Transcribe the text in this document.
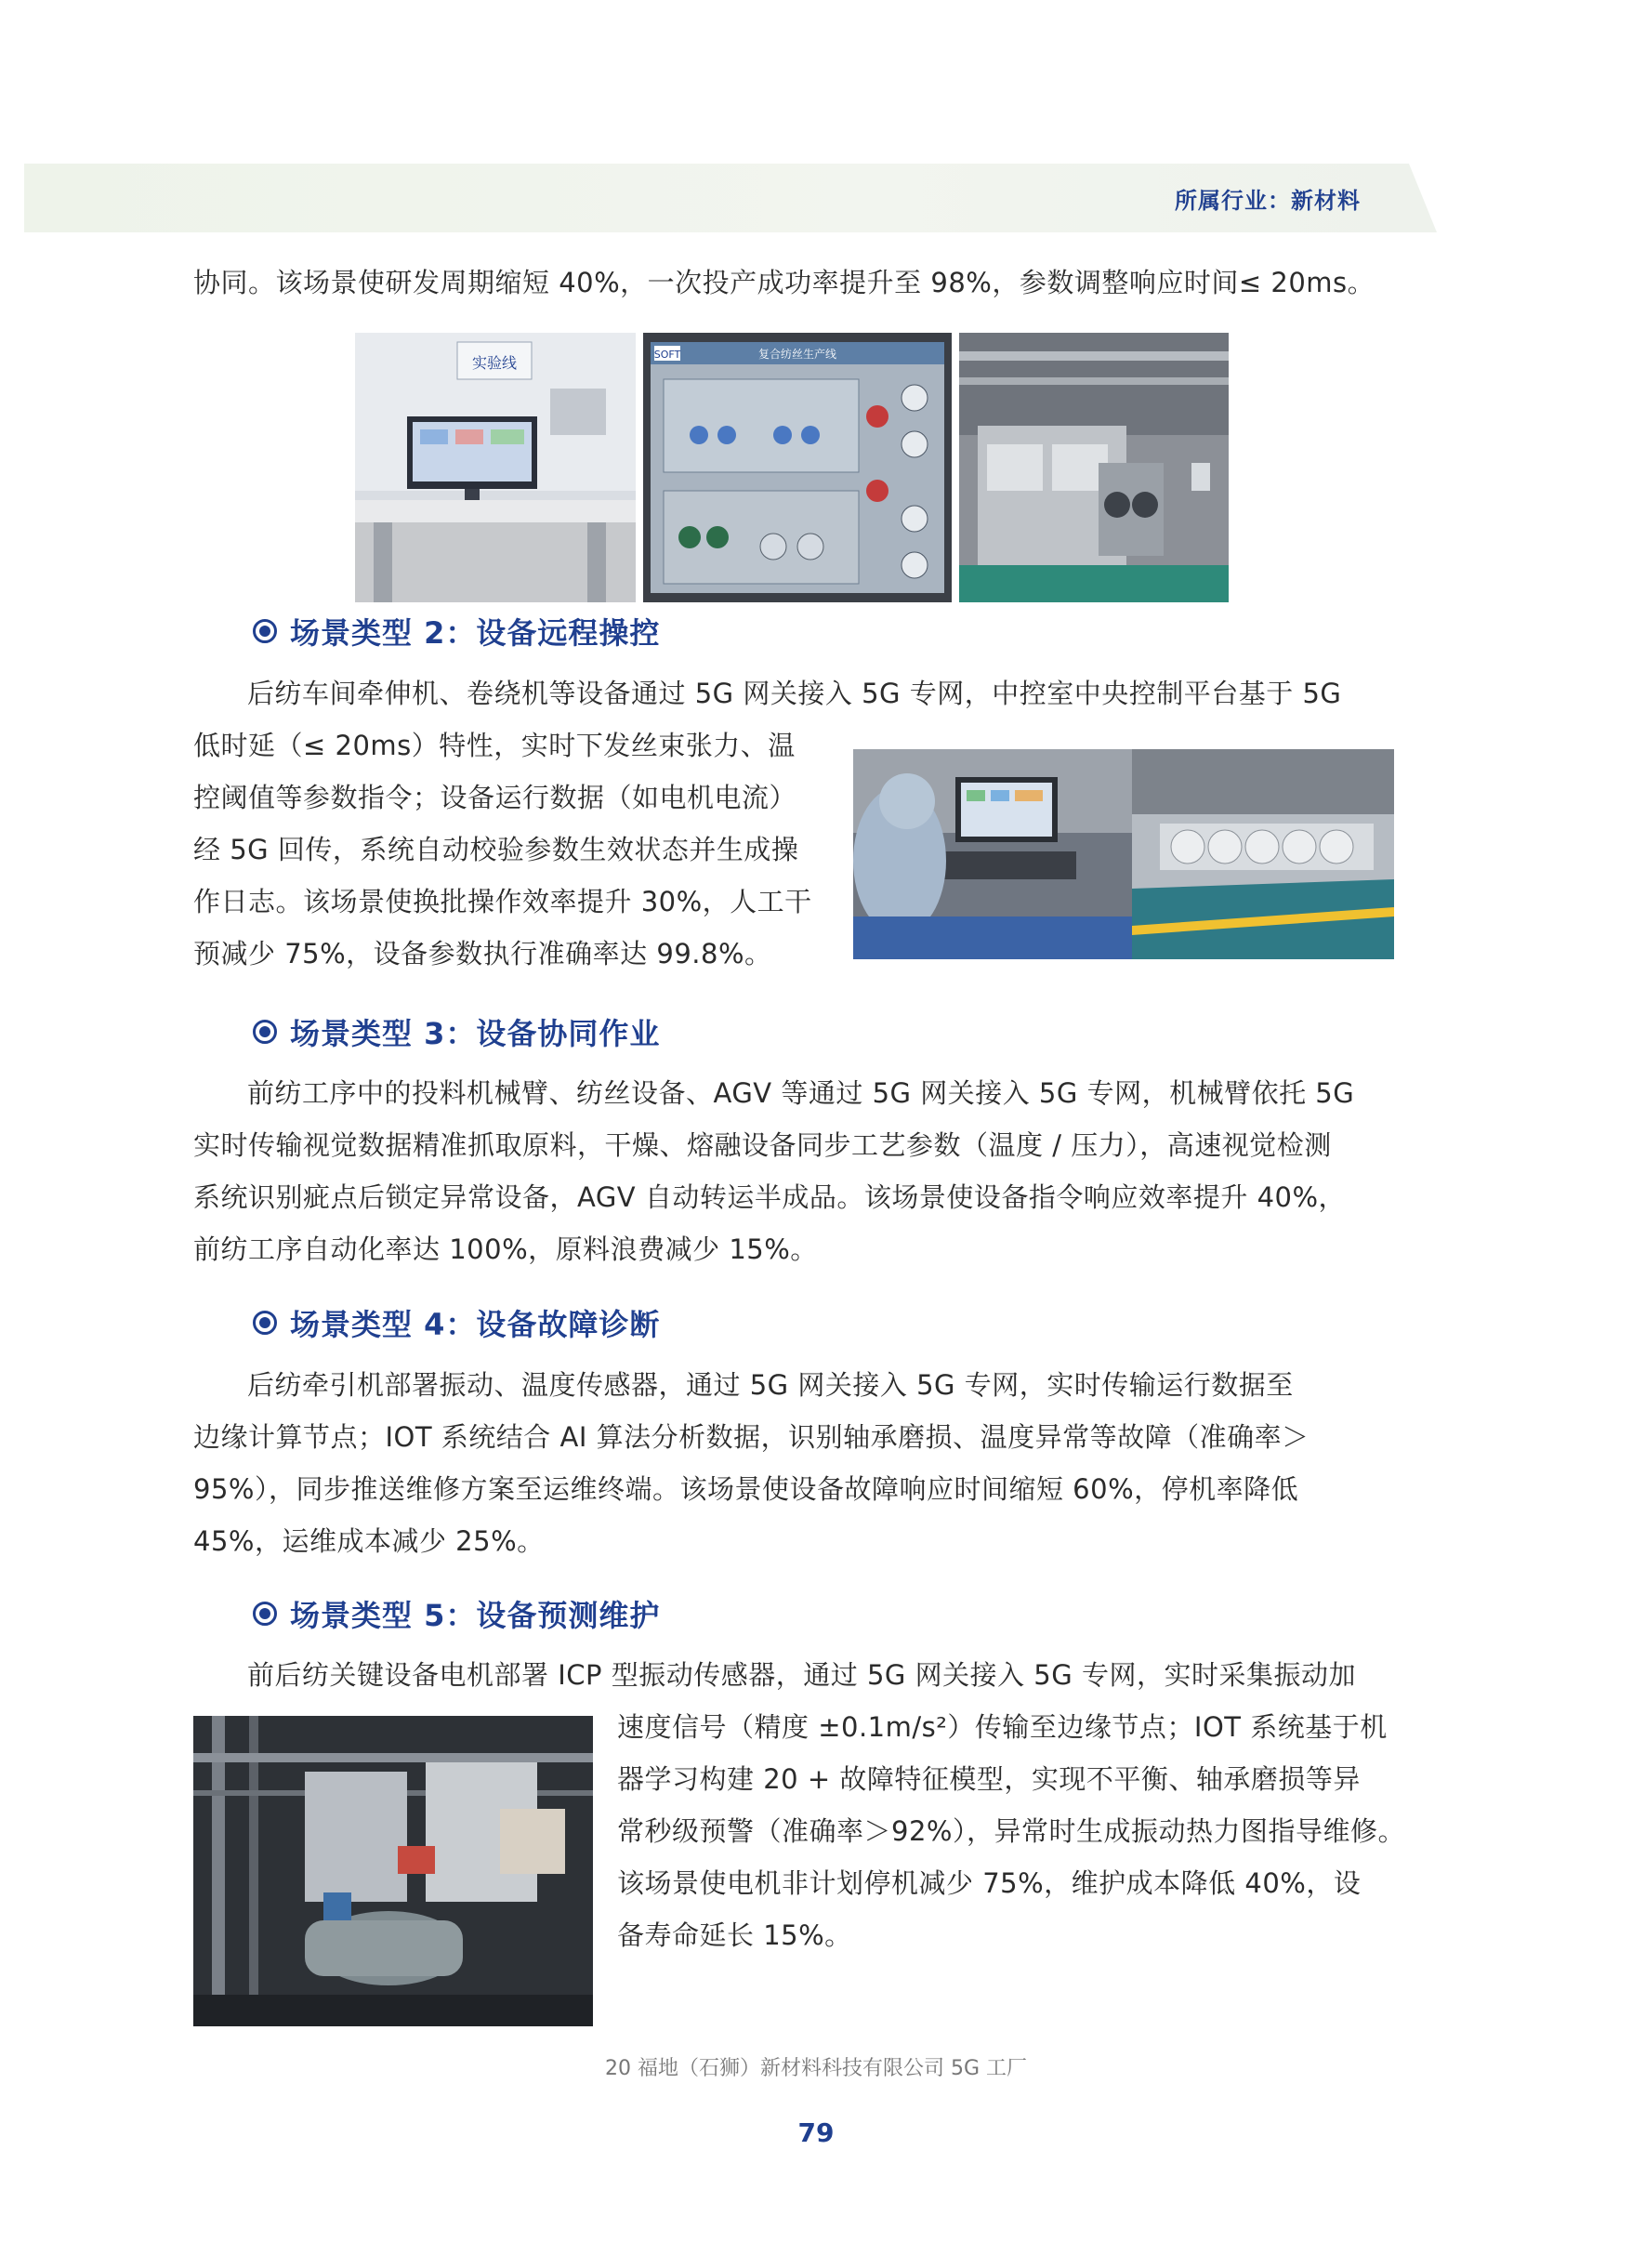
所属行业：新材料

协同。该场景使研发周期缩短 40%，一次投产成功率提升至 98%，参数调整响应时间≤ 20ms。

实验线	SOFT	复合纺丝生产线
场景类型 2：设备远程操控

后纺车间牵伸机、卷绕机等设备通过 5G 网关接入 5G 专网，中控室中央控制平台基于 5G

低时延（≤ 20ms）特性，实时下发丝束张力、温
控阈值等参数指令；设备运行数据（如电机电流）
经 5G 回传，系统自动校验参数生效状态并生成操
作日志。该场景使换批操作效率提升 30%，人工干
预减少 75%，设备参数执行准确率达 99.8%。

场景类型 3：设备协同作业

前纺工序中的投料机械臂、纺丝设备、AGV 等通过 5G 网关接入 5G 专网，机械臂依托 5G
实时传输视觉数据精准抓取原料，干燥、熔融设备同步工艺参数（温度 / 压力），高速视觉检测
系统识别疵点后锁定异常设备，AGV 自动转运半成品。该场景使设备指令响应效率提升 40%，
前纺工序自动化率达 100%，原料浪费减少 15%。

场景类型 4：设备故障诊断

后纺牵引机部署振动、温度传感器，通过 5G 网关接入 5G 专网，实时传输运行数据至
边缘计算节点；IOT 系统结合 AI 算法分析数据，识别轴承磨损、温度异常等故障（准确率＞
95%），同步推送维修方案至运维终端。该场景使设备故障响应时间缩短 60%，停机率降低
45%，运维成本减少 25%。

场景类型 5：设备预测维护

前后纺关键设备电机部署 ICP 型振动传感器，通过 5G 网关接入 5G 专网，实时采集振动加

速度信号（精度 ±0.1m/s²）传输至边缘节点；IOT 系统基于机
器学习构建 20 + 故障特征模型，实现不平衡、轴承磨损等异
常秒级预警（准确率＞92%），异常时生成振动热力图指导维修。
该场景使电机非计划停机减少 75%，维护成本降低 40%，设
备寿命延长 15%。

20 福地（石狮）新材料科技有限公司 5G 工厂
79
